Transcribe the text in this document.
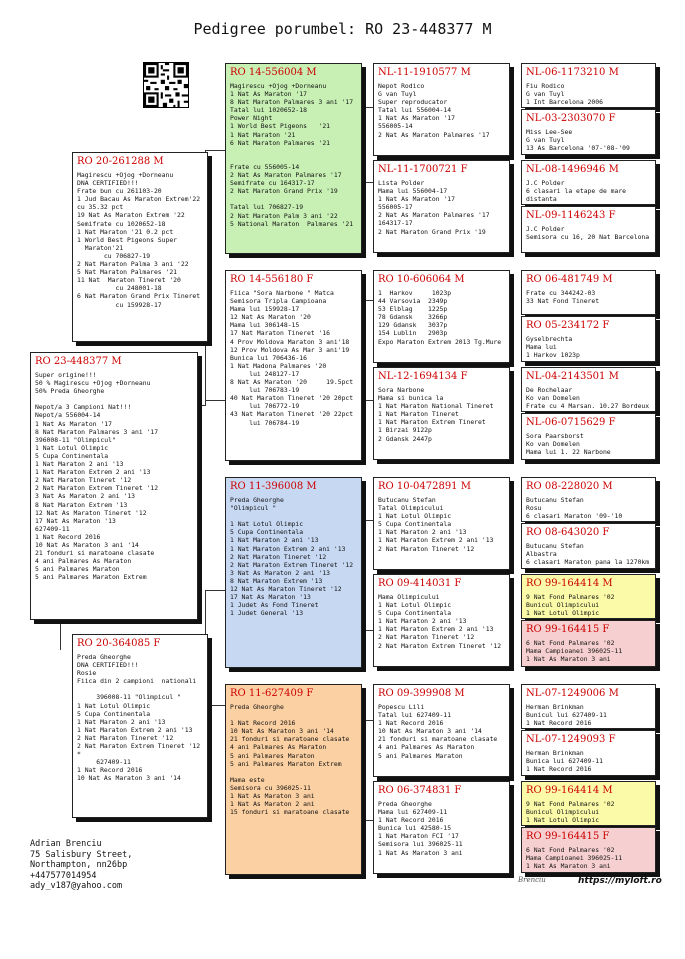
Pedigree porumbel: RO 23-448377 M
RO 23-448377 M
Super origine!!!
50 % Magirescu +Ojog +Dorneanu
50% Preda Gheorghe

Nepot/a 3 Campioni Nat!!!
Nepot/a 556004-14
1 Nat As Maraton '17
8 Nat Maraton Palmares 3 ani '17
396008-11 "Olimpicul"
1 Nat Lotul Olimpic
5 Cupa Continentala
1 Nat Maraton 2 ani '13
1 Nat Maraton Extrem 2 ani '13
2 Nat Maraton Tineret '12
2 Nat Maraton Extrem Tineret '12
3 Nat As Maraton 2 ani '13
8 Nat Maraton Extrem '13
12 Nat As Maraton Tineret '12
17 Nat As Maraton '13
627409-11
1 Nat Record 2016
10 Nat As Maraton 3 ani '14
21 fonduri si maratoane clasate
4 ani Palmares As Maraton
5 ani Palmares Maraton
5 ani Palmares Maraton Extrem
RO 20-261288 M
Magirescu +Ojog +Dorneanu
DNA CERTIFIED!!!
Frate bun cu 261103-20
1 Jud Bacau As Maraton Extrem'22
cu 35.32 pct
19 Nat As Maraton Extrem '22
Semifrate cu 1020652-18
1 Nat Maraton '21 0.2 pct
1 World Best Pigeons Super
Maraton'21
cu 706827-19
2 Nat Maraton Palma 3 ani '22
5 Nat Maraton Palmares '21
11 Nat  Maraton Tineret '20
cu 248001-18
6 Nat Maraton Grand Prix Tineret
cu 159928-17
RO 20-364085 F
Preda Gheorghe
DNA CERTIFIED!!!
Rosie
Fiica din 2 campioni  nationali

396008-11 "Olimpicul "
1 Nat Lotul Olimpic
5 Cupa Continentala
1 Nat Maraton 2 ani '13
1 Nat Maraton Extrem 2 ani '13
2 Nat Maraton Tineret '12
2 Nat Maraton Extrem Tineret '12
*
627409-11
1 Nat Record 2016
10 Nat As Maraton 3 ani '14
RO 14-556004 M
Magirescu +Ojog +Dorneanu
1 Nat As Maraton '17
8 Nat Maraton Palmares 3 ani '17
Tatal lui 1020652-18
Power Night
1 World Best Pigeons   '21
1 Nat Maraton '21
6 Nat Maraton Palmares '21

Frate cu 556005-14
2 Nat As Maraton Palmares '17
Semifrate cu 164317-17
2 Nat Maraton Grand Prix '19

Tatal lui 706827-19
2 Nat Maraton Palm 3 ani '22
5 National Maraton  Palmares '21
RO 14-556180 F
Fiica "Sora Narbone " Matca
Semisora Tripla Campioana
Mama lui 159928-17
12 Nat As Maraton '20
Mama lui 306148-15
17 Nat Maraton Tineret '16
4 Prov Moldova Maraton 3 ani'18
12 Prov Moldova As Mar 3 ani'19
Bunica lui 706436-16
1 Nat Madona Palmares '20
lui 248127-17
8 Nat As Maraton '20     19.5pct
lui 706783-19
40 Nat Maraton Tineret '20 20pct
lui 706772-19
43 Nat Maraton Tineret '20 22pct
lui 706784-19
RO 11-396008 M
Preda Gheorghe
"Olimpicul "

1 Nat Lotul Olimpic
5 Cupa Continentala
1 Nat Maraton 2 ani '13
1 Nat Maraton Extrem 2 ani '13
2 Nat Maraton Tineret '12
2 Nat Maraton Extrem Tineret '12
3 Nat As Maraton 2 ani '13
8 Nat Maraton Extrem '13
12 Nat As Maraton Tineret '12
17 Nat As Maraton '13
1 Judet As Fond Tineret
1 Judet General '13
RO 11-627409 F
Preda Gheorghe

1 Nat Record 2016
10 Nat As Maraton 3 ani '14
21 fonduri si maratoane clasate
4 ani Palmares As Maraton
5 ani Palmares Maraton
5 ani Palmares Maraton Extrem

Mama este
Semisora cu 396025-11
1 Nat As Maraton 3 ani
1 Nat As Maraton 2 ani
15 fonduri si maratoane clasate
NL-11-1910577 M
Nepot Rodico
G van Tuyl
Super reproducator
Tatal lui 556004-14
1 Nat As Maraton '17
556005-14
2 Nat As Maraton Palmares '17
NL-11-1700721 F
Lista Polder
Mama lui 556004-17
1 Nat As Maraton '17
556005-17
2 Nat As Maraton Palmares '17
164317-17
2 Nat Maraton Grand Prix '19
RO 10-606064 M
1  Harkov     1023p
44 Varsovia  2349p
53 Elblag    1225p
78 Gdansk    3266p
129 Gdansk   3037p
154 Lublin   2903p
Expo Maraton Extrem 2013 Tg.Mure
NL-12-1694134 F
Sora Narbone
Mama si bunica la
1 Nat Maraton National Tineret
1 Nat Maraton Tineret
1 Nat Maraton Extrem Tineret
1 Birzai 9122p
2 Gdansk 2447p
RO 10-0472891 M
Butucanu Stefan
Tatal Olimpicului
1 Nat Lotul Olimpic
5 Cupa Continentala
1 Nat Maraton 2 ani '13
1 Nat Maraton Extrem 2 ani '13
2 Nat Maraton Tineret '12
RO 09-414031 F
Mama Olimpicului
1 Nat Lotul Olimpic
5 Cupa Continentala
1 Nat Maraton 2 ani '13
1 Nat Maraton Extrem 2 ani '13
2 Nat Maraton Tineret '12
2 Nat Maraton Extrem Tineret '12
RO 09-399908 M
Popescu Lili
Tatal lui 627409-11
1 Nat Record 2016
10 Nat As Maraton 3 ani '14
21 fonduri si maratoane clasate
4 ani Palmares As Maraton
5 ani Palmares Maraton
RO 06-374831 F
Preda Gheorghe
Mama lui 627409-11
1 Nat Record 2016
Bunica lui 42580-15
1 Nat Maraton FCI '17
Semisora lui 396025-11
1 Nat As Maraton 3 ani
NL-06-1173210 M
Fiu Rodico
G van Tuyl
1 Int Barcelona 2006
NL-03-2303070 F
Miss Lee-See
G van Tuyl
13 As Barcelona '07-'08-'09
NL-08-1496946 M
J.C Polder
6 clasari la etape de mare
distanta
NL-09-1146243 F
J.C Polder
Semisora cu 16, 20 Nat Barcelona
RO 06-481749 M
Frate cu 344242-03
33 Nat Fond Tineret
RO 05-234172 F
Gyselbrechta
Mama lui
1 Harkov 1023p
NL-04-2143501 M
De Rochelaar
Ko van Domelen
Frate cu 4 Marsan. 10.27 Bordeux
NL-06-0715629 F
Sora Paarsborst
Ko van Domelen
Mama lui 1. 22 Narbone
RO 08-228020 M
Butucanu Stefan
Rosu
6 clasari Maraton '09-'10
RO 08-643020 F
Butucanu Stefan
Albastra
6 clasari Maraton pana la 1270km
RO 99-164414 M
9 Nat Fond Palmares '02
Bunicul Olimpicului
1 Nat Lotul Olimpic
RO 99-164415 F
6 Nat Fond Palmares '02
Mama Campioanei 396025-11
1 Nat As Maraton 3 ani
NL-07-1249006 M
Herman Brinkman
Bunicul lui 627409-11
1 Nat Record 2016
NL-07-1249093 F
Herman Brinkman
Bunica lui 627409-11
1 Nat Record 2016
RO 99-164414 M
9 Nat Fond Palmares '02
Bunicul Olimpicului
1 Nat Lotul Olimpic
RO 99-164415 F
6 Nat Fond Palmares '02
Mama Campioanei 396025-11
1 Nat As Maraton 3 ani
Adrian Brenciu
75 Salisbury Street,
Northampton, nn26bp
+447577014954
ady_v187@yahoo.com
Brenciu	https://myloft.ro
